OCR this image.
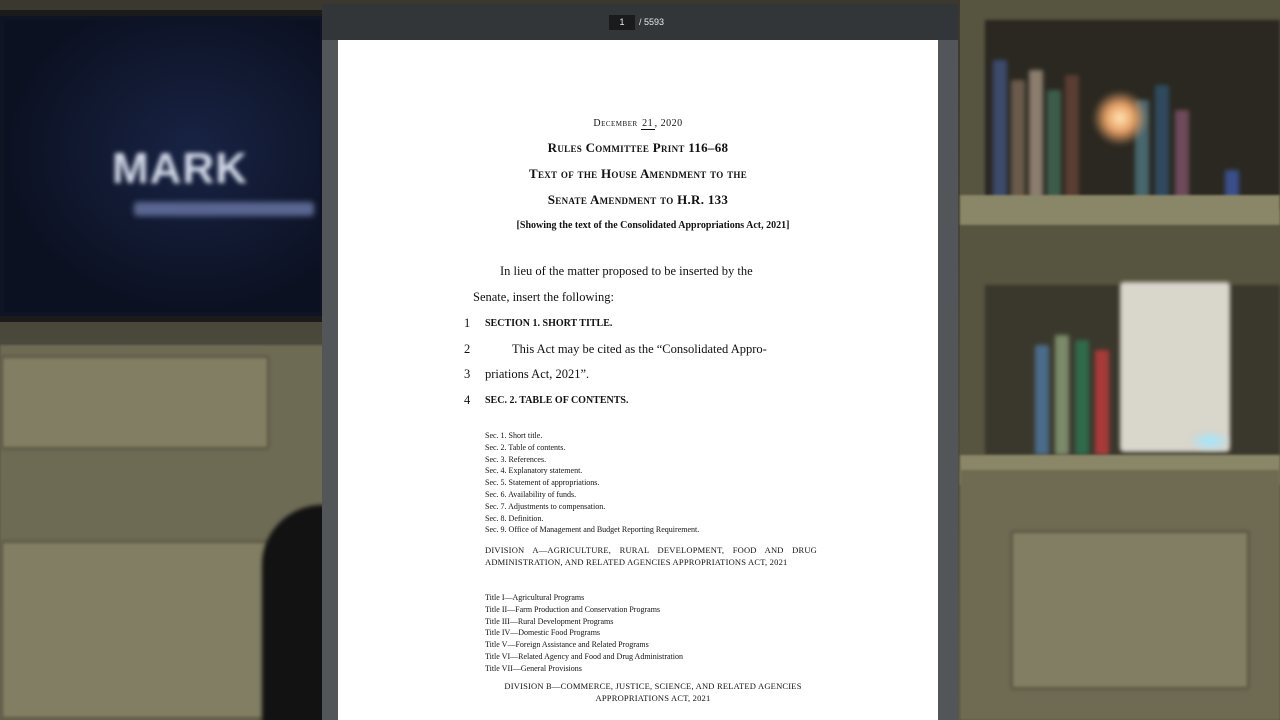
MARK
1
/ 5593
December 21 , 2020
Rules Committee Print 116–68
Text of the House Amendment to the
Senate Amendment to H.R. 133
[Showing the text of the Consolidated Appropriations Act, 2021]
In lieu of the matter proposed to be inserted by the
Senate, insert the following:
1 SECTION 1. SHORT TITLE.
2	This Act may be cited as the “Consolidated Appro-
3 priations Act, 2021”.
4 SEC. 2. TABLE OF CONTENTS.
Sec. 1. Short title.
Sec. 2. Table of contents.
Sec. 3. References.
Sec. 4. Explanatory statement.
Sec. 5. Statement of appropriations.
Sec. 6. Availability of funds.
Sec. 7. Adjustments to compensation.
Sec. 8. Definition.
Sec. 9. Office of Management and Budget Reporting Requirement.
DIVISION A—AGRICULTURE, RURAL DEVELOPMENT, FOOD AND DRUG ADMINISTRATION, AND RELATED AGENCIES APPROPRIATIONS ACT, 2021
Title I—Agricultural Programs
Title II—Farm Production and Conservation Programs
Title III—Rural Development Programs
Title IV—Domestic Food Programs
Title V—Foreign Assistance and Related Programs
Title VI—Related Agency and Food and Drug Administration
Title VII—General Provisions
DIVISION B—COMMERCE, JUSTICE, SCIENCE, AND RELATED AGENCIES APPROPRIATIONS ACT, 2021
